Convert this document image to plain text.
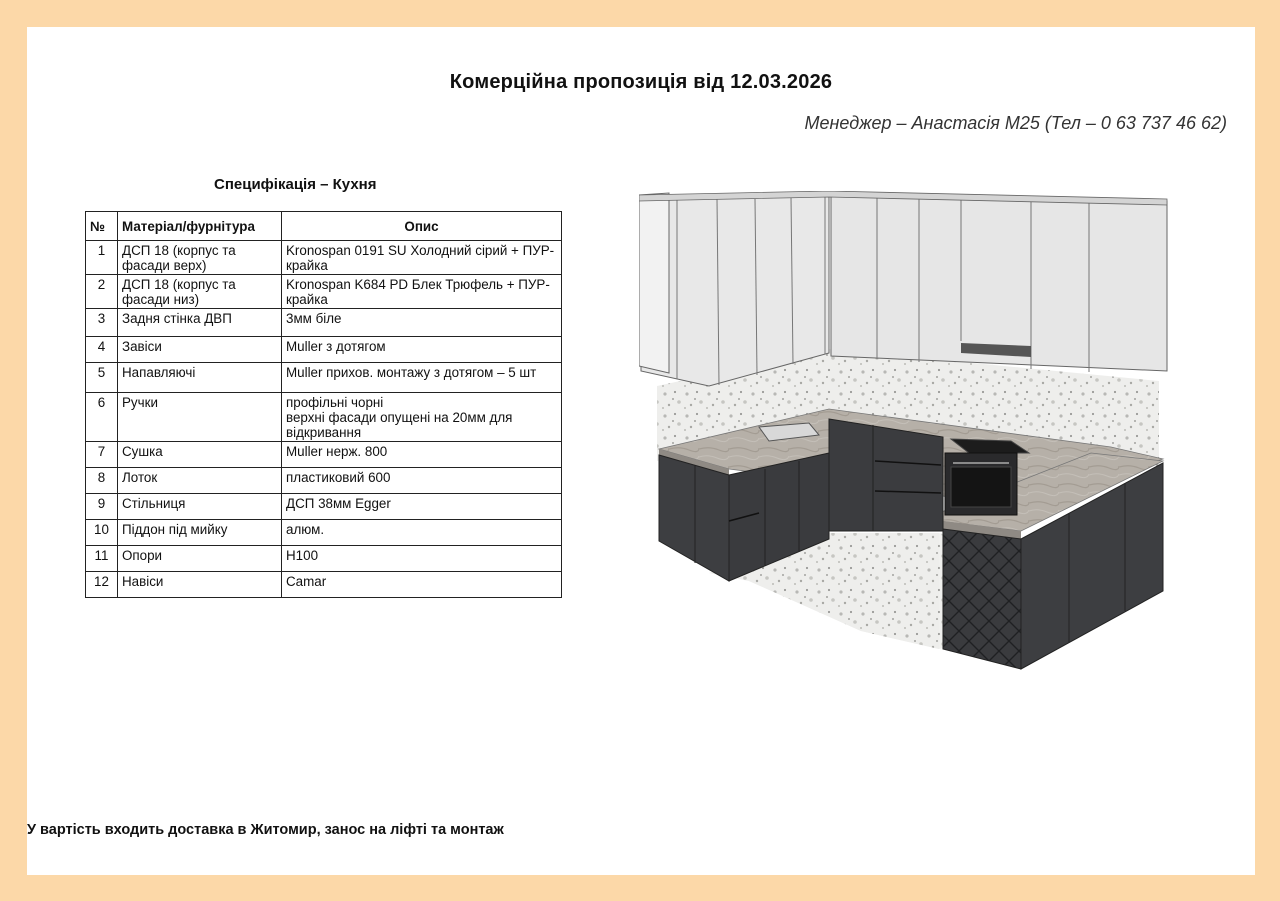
Комерційна пропозиція від 12.03.2026
Менеджер – Анастасія М25 (Тел – 0 63 737 46 62)
Специфікація – Кухня
№	Матеріал/фурнітура	Опис
1	ДСП 18 (корпус та фасади верх)	Kronospan 0191 SU Холодний сірий + ПУР-крайка

2	ДСП 18 (корпус та фасади низ)	Kronospan K684 PD Блек Трюфель + ПУР-крайка

3	Задня стінка ДВП	3мм біле

4	Завіси	Muller з дотягом

5	Напавляючі	Muller прихов. монтажу з дотягом – 5 шт

6	Ручки	профільні чорні
верхні фасади опущені на 20мм для відкривання

7	Сушка	Muller нерж. 800

8	Лоток	пластиковий 600

9	Стільниця	ДСП 38мм Egger

10	Піддон під мийку	алюм.

11	Опори	Н100

12	Навіси	Camar
У вартість входить доставка в Житомир, занос на ліфті та монтаж
